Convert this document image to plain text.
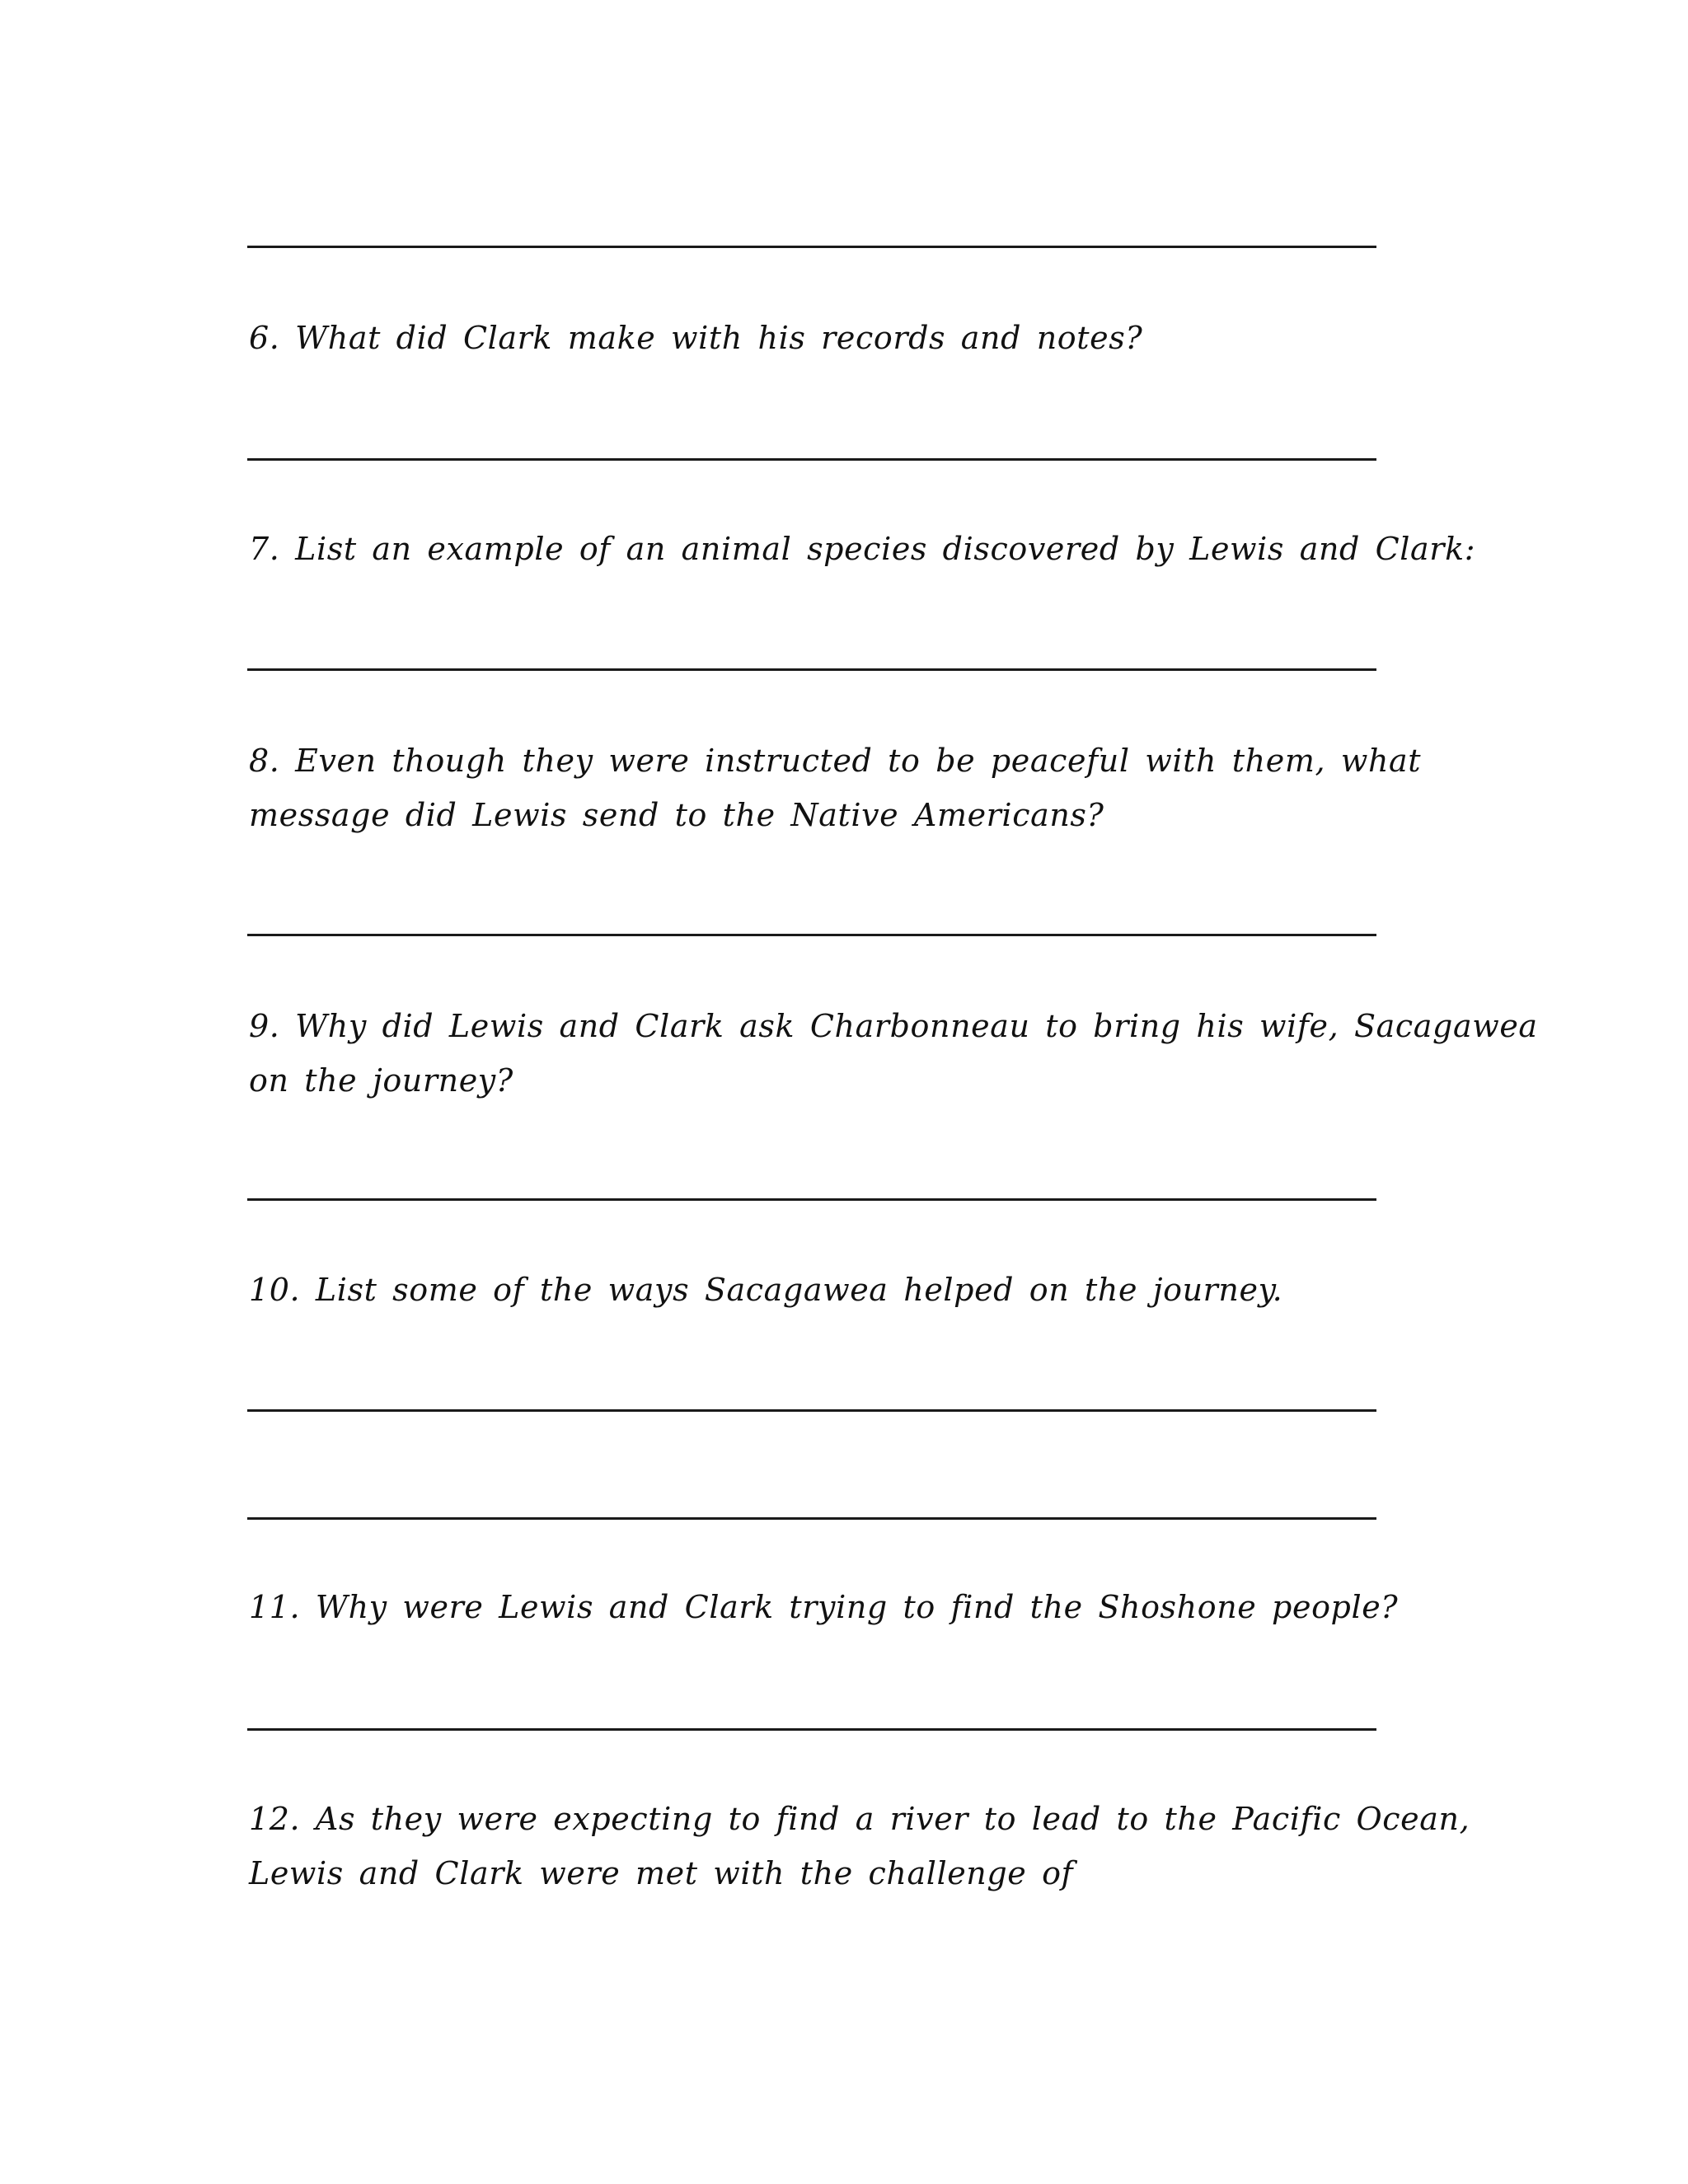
6. What did Clark make with his records and notes?
7. List an example of an animal species discovered by Lewis and Clark:
8. Even though they were instructed to be peaceful with them, what
message did Lewis send to the Native Americans?
9. Why did Lewis and Clark ask Charbonneau to bring his wife, Sacagawea
on the journey?
10. List some of the ways Sacagawea helped on the journey.
11. Why were Lewis and Clark trying to find the Shoshone people?
12. As they were expecting to find a river to lead to the Pacific Ocean,
Lewis and Clark were met with the challenge of
